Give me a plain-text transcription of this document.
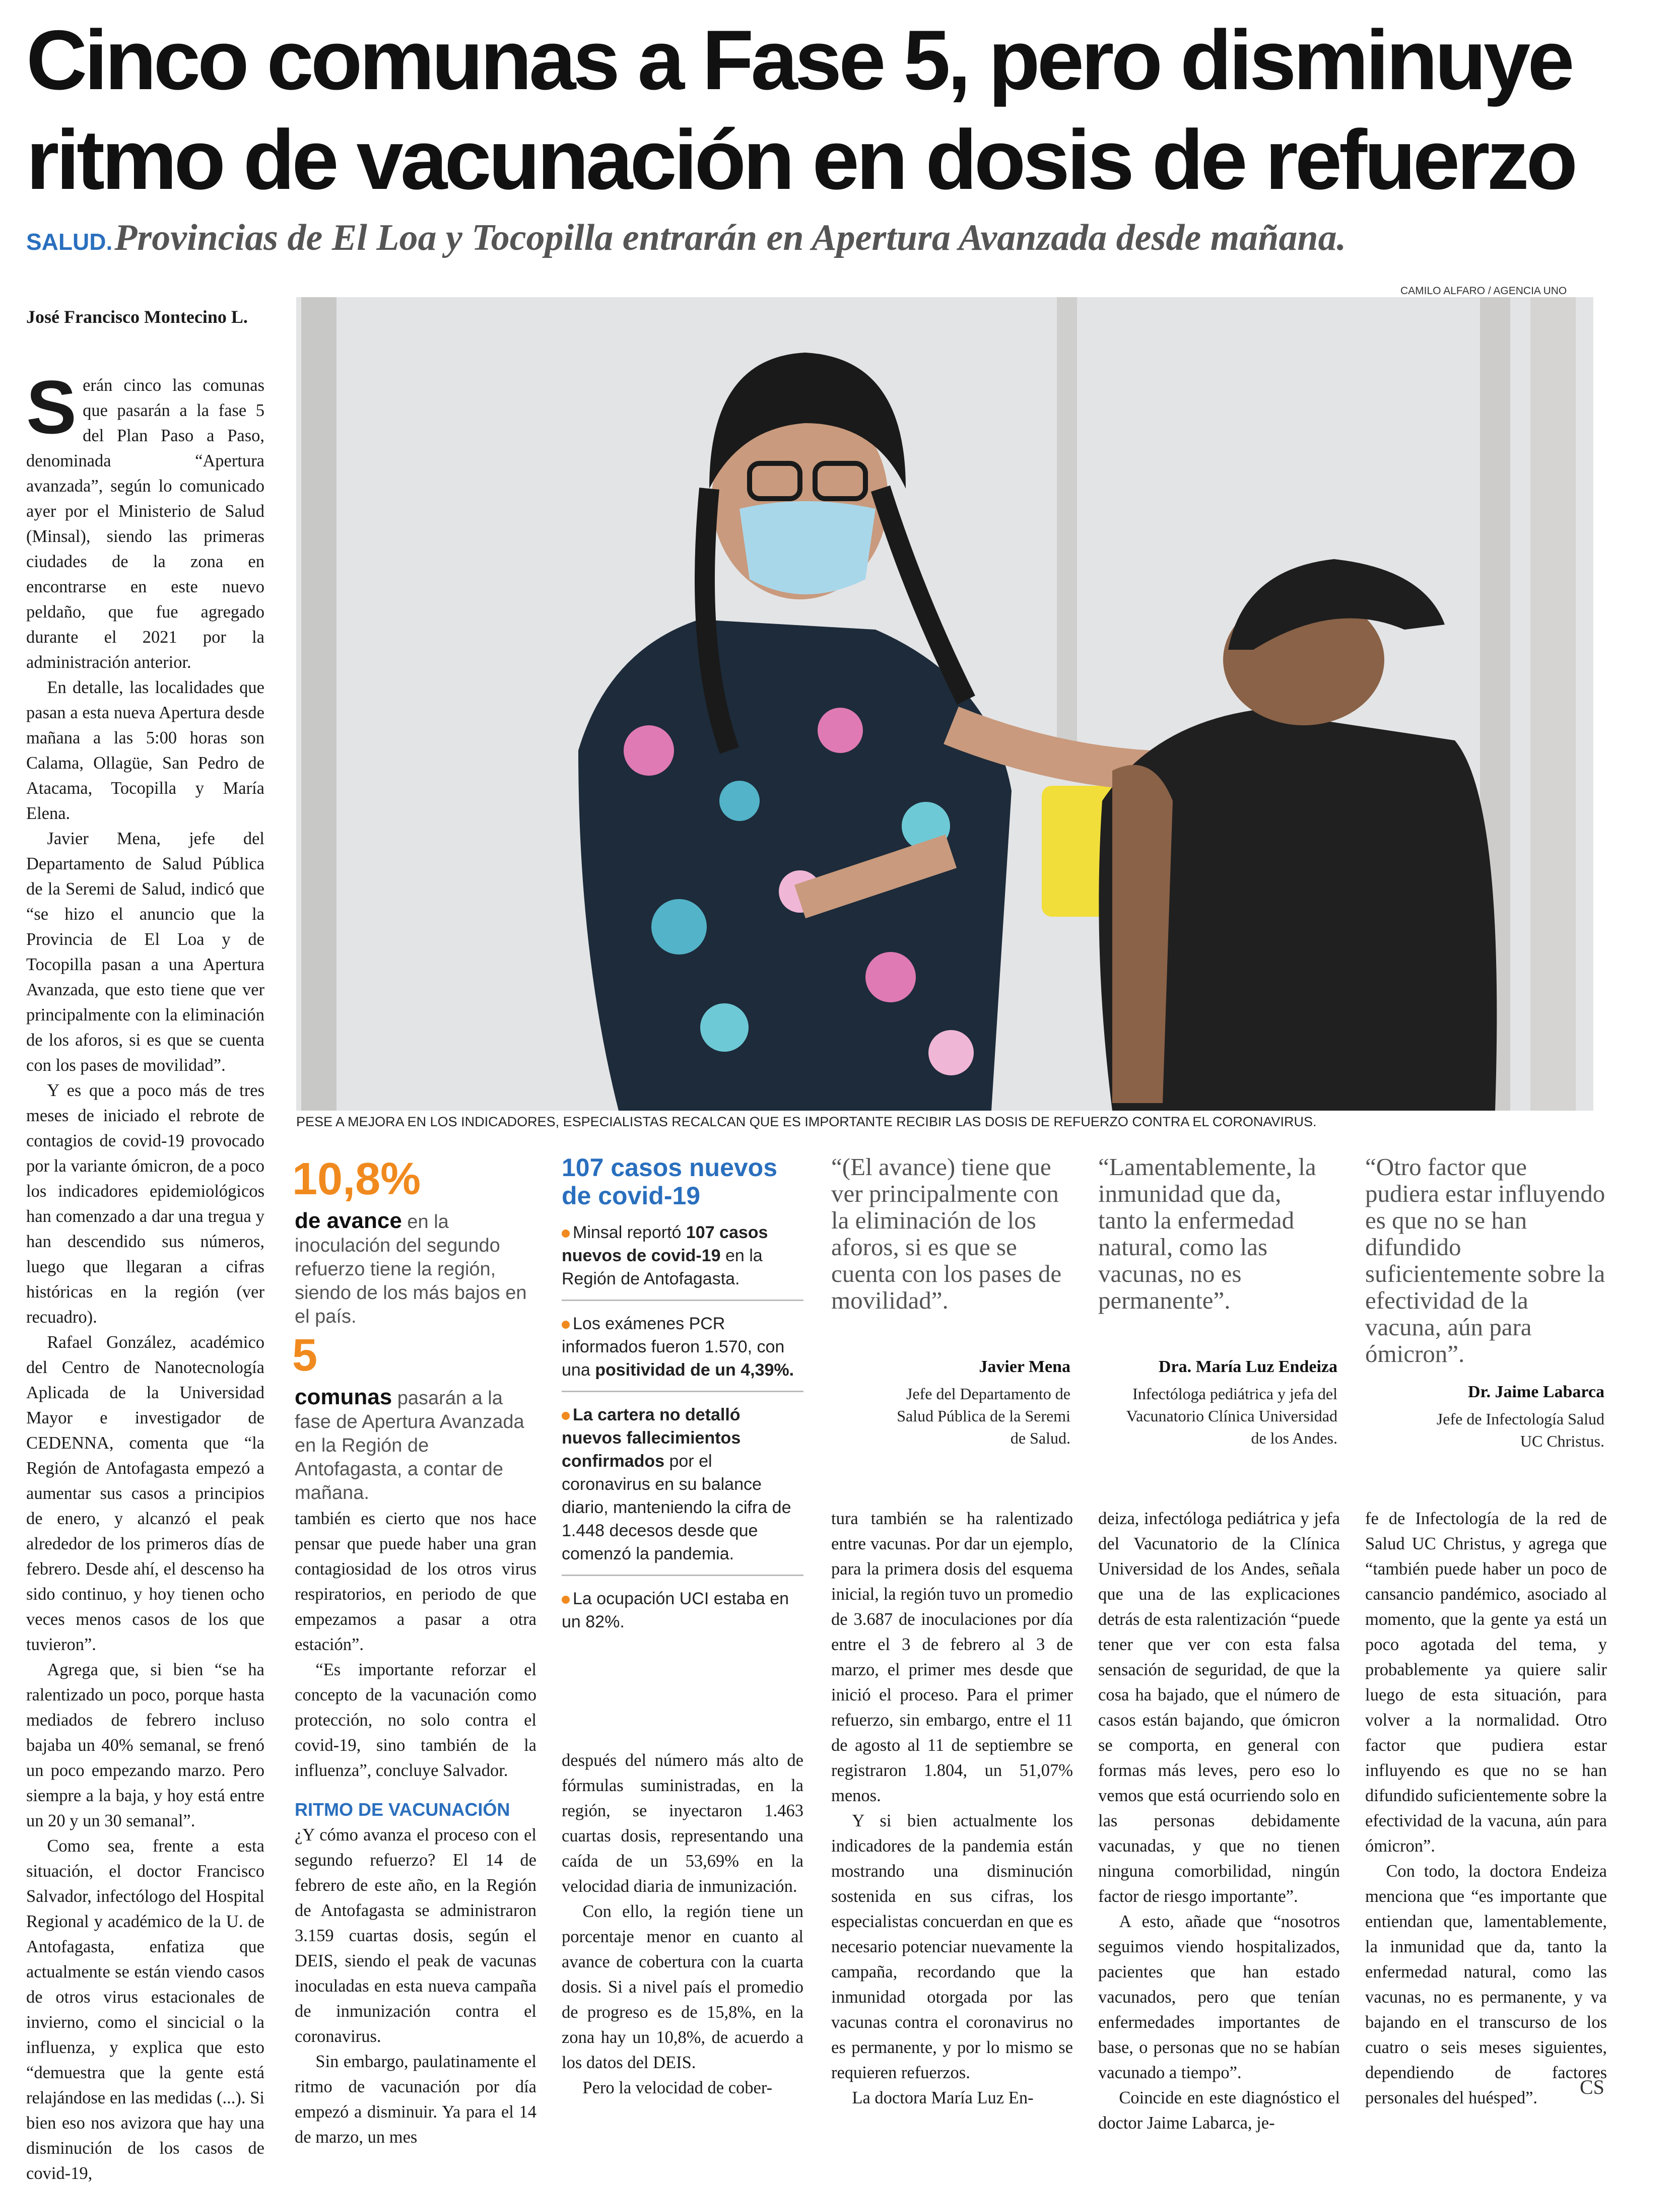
Cinco comunas a Fase 5, pero disminuye
ritmo de vacunación en dosis de refuerzo
SALUD. Provincias de El Loa y Tocopilla entrarán en Apertura Avanzada desde mañana.
José Francisco Montecino L.
CAMILO ALFARO / AGENCIA UNO
PESE A MEJORA EN LOS INDICADORES, ESPECIALISTAS RECALCAN QUE ES IMPORTANTE RECIBIR LAS DOSIS DE REFUERZO CONTRA EL CORONAVIRUS.

Serán cinco las comunas que pasarán a la fase 5 del Plan Paso a Paso, denominada “Apertura avanzada”, según lo comunicado ayer por el Ministerio de Salud (Minsal), siendo las primeras ciudades de la zona en encontrarse en este nuevo peldaño, que fue agregado durante el 2021 por la administración anterior.

En detalle, las localidades que pasan a esta nueva Apertura desde mañana a las 5:00 horas son Calama, Ollagüe, San Pedro de Atacama, Tocopilla y María Elena.

Javier Mena, jefe del Departamento de Salud Pública de la Seremi de Salud, indicó que “se hizo el anuncio que la Provincia de El Loa y de Tocopilla pasan a una Apertura Avanzada, que esto tiene que ver principalmente con la eliminación de los aforos, si es que se cuenta con los pases de movilidad”.

Y es que a poco más de tres meses de iniciado el rebrote de contagios de covid-19 provocado por la variante ómicron, de a poco los indicadores epidemiológicos han comenzado a dar una tregua y han descendido sus números, luego que llegaran a cifras históricas en la región (ver recuadro).

Rafael González, académico del Centro de Nanotecnología Aplicada de la Universidad Mayor e investigador de CEDENNA, comenta que “la Región de Antofagasta empezó a aumentar sus casos a principios de enero, y alcanzó el peak alrededor de los primeros días de febrero. Desde ahí, el descenso ha sido continuo, y hoy tienen ocho veces menos casos de los que tuvieron”.

Agrega que, si bien “se ha ralentizado un poco, porque hasta mediados de febrero incluso bajaba un 40% semanal, se frenó un poco empezando marzo. Pero siempre a la baja, y hoy está entre un 20 y un 30 semanal”.

Como sea, frente a esta situación, el doctor Francisco Salvador, infectólogo del Hospital Regional y académico de la U. de Antofagasta, enfatiza que actualmente se están viendo casos de otros virus estacionales de invierno, como el sincicial o la influenza, y explica que esto “demuestra que la gente está relajándose en las medidas (...). Si bien eso nos avizora que hay una disminución de los casos de covid-19,

10,8%
de avance en la inoculación del segundo refuerzo tiene la región, siendo de los más bajos en el país.
5
comunas pasarán a la fase de Apertura Avanzada en la Región de Antofagasta, a contar de mañana.

también es cierto que nos hace pensar que puede haber una gran contagiosidad de los otros virus respiratorios, en periodo de que empezamos a pasar a otra estación”.

“Es importante reforzar el concepto de la vacunación como protección, no solo contra el covid-19, sino también de la influenza”, concluye Salvador.

RITMO DE VACUNACIÓN

¿Y cómo avanza el proceso con el segundo refuerzo? El 14 de febrero de este año, en la Región de Antofagasta se administraron 3.159 cuartas dosis, según el DEIS, siendo el peak de vacunas inoculadas en esta nueva campaña de inmunización contra el coronavirus.

Sin embargo, paulatinamente el ritmo de vacunación por día empezó a disminuir. Ya para el 14 de marzo, un mes

107 casos nuevos de covid-19
Minsal reportó 107 casos nuevos de covid-19 en la Región de Antofagasta.
Los exámenes PCR informados fueron 1.570, con una positividad de un 4,39%.
La cartera no detalló nuevos fallecimientos confirmados por el coronavirus en su balance diario, manteniendo la cifra de 1.448 decesos desde que comenzó la pandemia.
La ocupación UCI estaba en un 82%.

después del número más alto de fórmulas suministradas, en la región, se inyectaron 1.463 cuartas dosis, representando una caída de un 53,69% en la velocidad diaria de inmunización.

Con ello, la región tiene un porcentaje menor en cuanto al avance de cobertura con la cuarta dosis. Si a nivel país el promedio de progreso es de 15,8%, en la zona hay un 10,8%, de acuerdo a los datos del DEIS.

Pero la velocidad de cober-

“(El avance) tiene que ver principalmente con la eliminación de los aforos, si es que se cuenta con los pases de movilidad”.
Javier Mena
Jefe del Departamento de Salud Pública de la Seremi de Salud.
“Lamentablemente, la inmunidad que da, tanto la enfermedad natural, como las vacunas, no es permanente”.
Dra. María Luz Endeiza
Infectóloga pediátrica y jefa del Vacunatorio Clínica Universidad de los Andes.
“Otro factor que pudiera estar influyendo es que no se han difundido suficientemente sobre la efectividad de la vacuna, aún para ómicron”.
Dr. Jaime Labarca
Jefe de Infectología Salud UC Christus.

tura también se ha ralentizado entre vacunas. Por dar un ejemplo, para la primera dosis del esquema inicial, la región tuvo un promedio de 3.687 de inoculaciones por día entre el 3 de febrero al 3 de marzo, el primer mes desde que inició el proceso. Para el primer refuerzo, sin embargo, entre el 11 de agosto al 11 de septiembre se registraron 1.804, un 51,07% menos.

Y si bien actualmente los indicadores de la pandemia están mostrando una disminución sostenida en sus cifras, los especialistas concuerdan en que es necesario potenciar nuevamente la campaña, recordando que la inmunidad otorgada por las vacunas contra el coronavirus no es permanente, y por lo mismo se requieren refuerzos.

La doctora María Luz En-

deiza, infectóloga pediátrica y jefa del Vacunatorio de la Clínica Universidad de los Andes, señala que una de las explicaciones detrás de esta ralentización “puede tener que ver con esta falsa sensación de seguridad, de que la cosa ha bajado, que el número de casos están bajando, que ómicron se comporta, en general con formas más leves, pero eso lo vemos que está ocurriendo solo en las personas debidamente vacunadas, y que no tienen ninguna comorbilidad, ningún factor de riesgo importante”.

A esto, añade que “nosotros seguimos viendo hospitalizados, pacientes que han estado vacunados, pero que tenían enfermedades importantes de base, o personas que no se habían vacunado a tiempo”.

Coincide en este diagnóstico el doctor Jaime Labarca, je-

fe de Infectología de la red de Salud UC Christus, y agrega que “también puede haber un poco de cansancio pandémico, asociado al momento, que la gente ya está un poco agotada del tema, y probablemente ya quiere salir luego de esta situación, para volver a la normalidad. Otro factor que pudiera estar influyendo es que no se han difundido suficientemente sobre la efectividad de la vacuna, aún para ómicron”.

Con todo, la doctora Endeiza menciona que “es importante que entiendan que, lamentablemente, la inmunidad que da, tanto la enfermedad natural, como las vacunas, no es permanente, y va bajando en el transcurso de los cuatro o seis meses siguientes, dependiendo de factores personales del huésped”.	CS
